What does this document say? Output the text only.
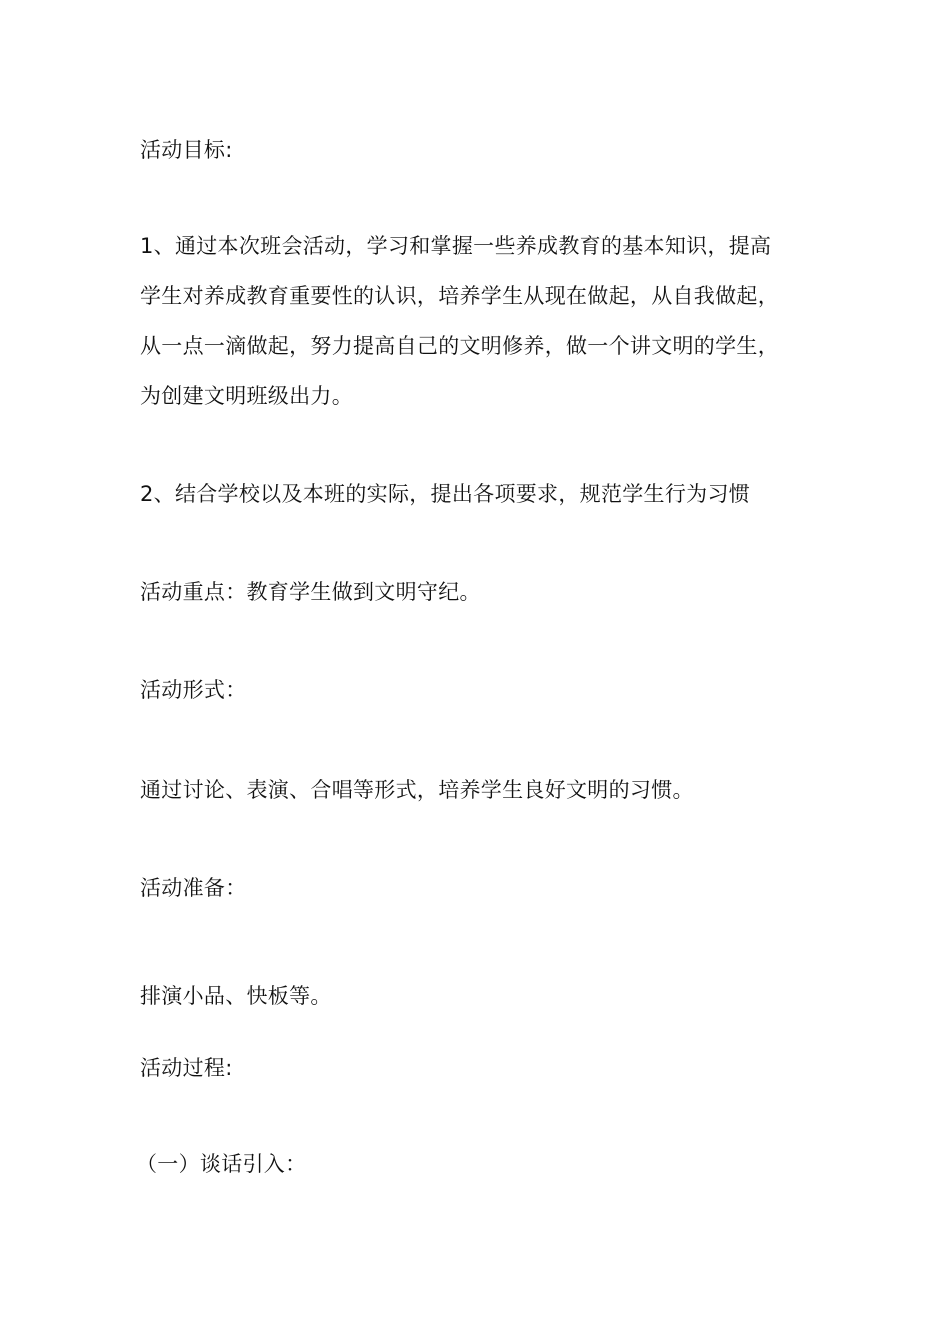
活动目标:
1、通过本次班会活动，学习和掌握一些养成教育的基本知识，提高
学生对养成教育重要性的认识，培养学生从现在做起，从自我做起，
从一点一滴做起，努力提高自己的文明修养，做一个讲文明的学生，
为创建文明班级出力。
2、结合学校以及本班的实际，提出各项要求，规范学生行为习惯
活动重点：教育学生做到文明守纪。
活动形式：
通过讨论、表演、合唱等形式，培养学生良好文明的习惯。
活动准备：
排演小品、快板等。
活动过程:
（一）谈话引入：
